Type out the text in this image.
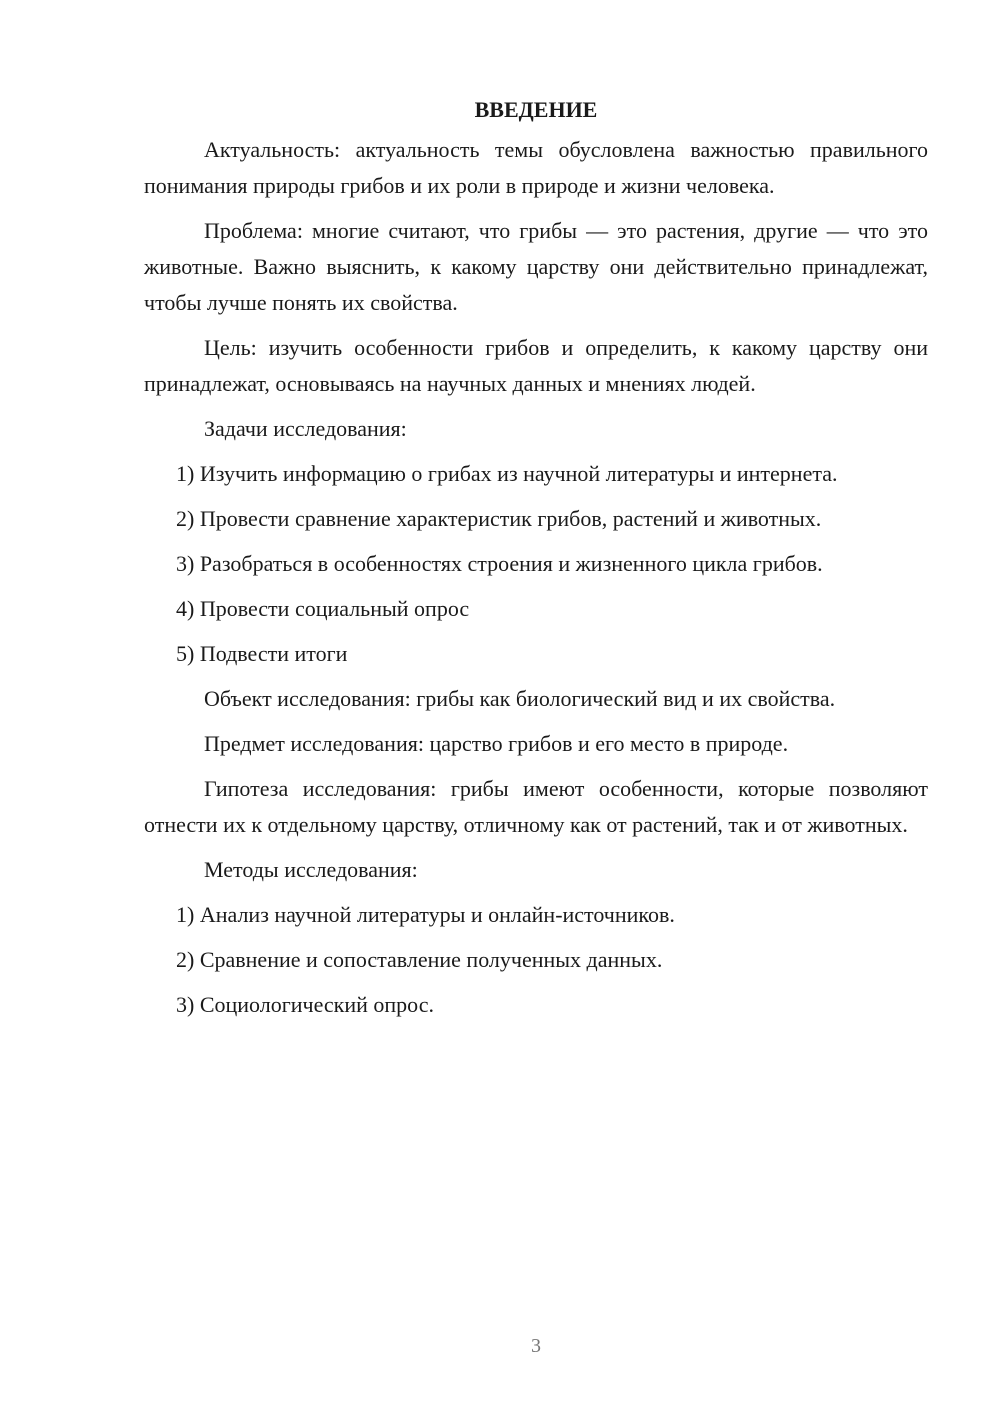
ВВЕДЕНИЕ

Актуальность: актуальность темы обусловлена важностью правильного понимания природы грибов и их роли в природе и жизни человека.

Проблема: многие считают, что грибы — это растения, другие — что это животные. Важно выяснить, к какому царству они действительно принадлежат, чтобы лучше понять их свойства.

Цель: изучить особенности грибов и определить, к какому царству они принадлежат, основываясь на научных данных и мнениях людей.

Задачи исследования:

1) Изучить информацию о грибах из научной литературы и интернета.
2) Провести сравнение характеристик грибов, растений и животных.
3) Разобраться в особенностях строения и жизненного цикла грибов.
4) Провести социальный опрос
5) Подвести итоги

Объект исследования: грибы как биологический вид и их свойства.

Предмет исследования: царство грибов и его место в природе.

Гипотеза исследования: грибы имеют особенности, которые позволяют отнести их к отдельному царству, отличному как от растений, так и от животных.

Методы исследования:

1) Анализ научной литературы и онлайн-источников.
2) Сравнение и сопоставление полученных данных.
3) Социологический опрос.
3
